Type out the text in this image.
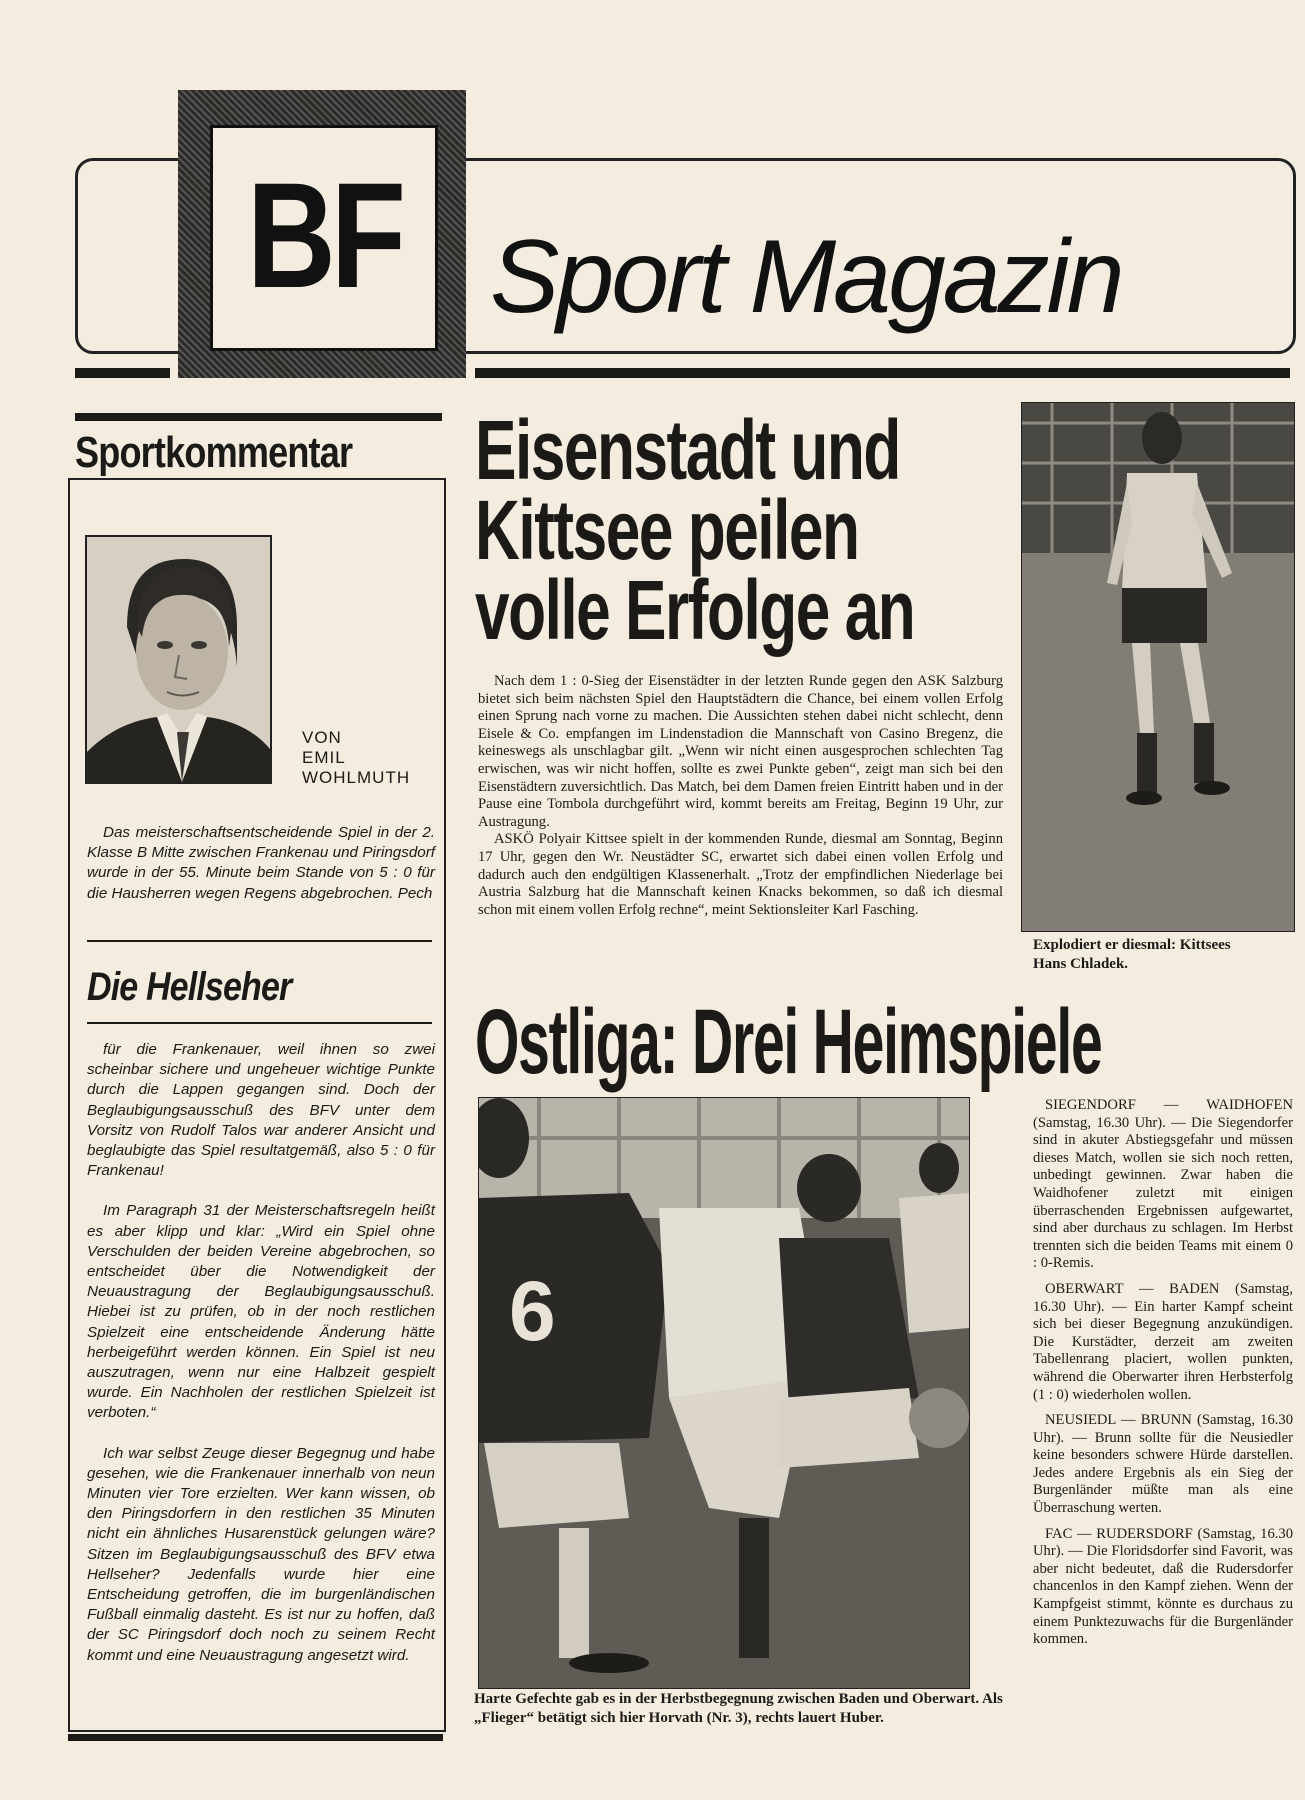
BF Sport Magazin
Sportkommentar
VON
EMIL
WOHLMUTH

Das meisterschaftsentscheidende Spiel in der 2. Klasse B Mitte zwischen Frankenau und Piringsdorf wurde in der 55. Minute beim Stande von 5 : 0 für die Hausherren wegen Regens abgebrochen. Pech

Die Hellseher

für die Frankenauer, weil ihnen so zwei scheinbar sichere und ungeheuer wichtige Punkte durch die Lappen gegangen sind. Doch der Beglaubigungsausschuß des BFV unter dem Vorsitz von Rudolf Talos war anderer Ansicht und beglaubigte das Spiel resultatgemäß, also 5 : 0 für Frankenau!

Im Paragraph 31 der Meisterschaftsregeln heißt es aber klipp und klar: „Wird ein Spiel ohne Verschulden der beiden Vereine abgebrochen, so entscheidet über die Notwendigkeit der Neuaustragung der Beglaubigungsausschuß. Hiebei ist zu prüfen, ob in der noch restlichen Spielzeit eine entscheidende Änderung hätte herbeigeführt werden können. Ein Spiel ist neu auszutragen, wenn nur eine Halbzeit gespielt wurde. Ein Nachholen der restlichen Spielzeit ist verboten.“

Ich war selbst Zeuge dieser Begegnug und habe gesehen, wie die Frankenauer innerhalb von neun Minuten vier Tore erzielten. Wer kann wissen, ob den Piringsdorfern in den restlichen 35 Minuten nicht ein ähnliches Husarenstück gelungen wäre? Sitzen im Beglaubigungsausschuß des BFV etwa Hellseher? Jedenfalls wurde hier eine Entscheidung getroffen, die im burgenländischen Fußball einmalig dasteht. Es ist nur zu hoffen, daß der SC Piringsdorf doch noch zu seinem Recht kommt und eine Neuaustragung angesetzt wird.

Eisenstadt und
Kittsee peilen
volle Erfolge an

Nach dem 1 : 0-Sieg der Eisenstädter in der letzten Runde gegen den ASK Salzburg bietet sich beim nächsten Spiel den Hauptstädtern die Chance, bei einem vollen Erfolg einen Sprung nach vorne zu machen. Die Aussichten stehen dabei nicht schlecht, denn Eisele & Co. empfangen im Lindenstadion die Mannschaft von Casino Bregenz, die keineswegs als unschlagbar gilt. „Wenn wir nicht einen ausgesprochen schlechten Tag erwischen, was wir nicht hoffen, sollte es zwei Punkte geben“, zeigt man sich bei den Eisenstädtern zuversichtlich. Das Match, bei dem Damen freien Eintritt haben und in der Pause eine Tombola durchgeführt wird, kommt bereits am Freitag, Beginn 19 Uhr, zur Austragung.

ASKÖ Polyair Kittsee spielt in der kommenden Runde, diesmal am Sonntag, Beginn 17 Uhr, gegen den Wr. Neustädter SC, erwartet sich dabei einen vollen Erfolg und dadurch auch den endgültigen Klassenerhalt. „Trotz der empfindlichen Niederlage bei Austria Salzburg hat die Mannschaft keinen Knacks bekommen, so daß ich diesmal schon mit einem vollen Erfolg rechne“, meint Sektionsleiter Karl Fasching.

Explodiert er diesmal: Kittsees
Hans Chladek.
Ostliga: Drei Heimspiele
6
Harte Gefechte gab es in der Herbstbegegnung zwischen Baden und Oberwart. Als „Flieger“ betätigt sich hier Horvath (Nr. 3), rechts lauert Huber.

SIEGENDORF — WAIDHOFEN (Samstag, 16.30 Uhr). — Die Siegendorfer sind in akuter Abstiegsgefahr und müssen dieses Match, wollen sie sich noch retten, unbedingt gewinnen. Zwar haben die Waidhofener zuletzt mit einigen überraschenden Ergebnissen aufgewartet, sind aber durchaus zu schlagen. Im Herbst trennten sich die beiden Teams mit einem 0 : 0-Remis.

OBERWART — BADEN (Samstag, 16.30 Uhr). — Ein harter Kampf scheint sich bei dieser Begegnung anzukündigen. Die Kurstädter, derzeit am zweiten Tabellenrang placiert, wollen punkten, während die Oberwarter ihren Herbsterfolg (1 : 0) wiederholen wollen.

NEUSIEDL — BRUNN (Samstag, 16.30 Uhr). — Brunn sollte für die Neusiedler keine besonders schwere Hürde darstellen. Jedes andere Ergebnis als ein Sieg der Burgenländer müßte man als eine Überraschung werten.

FAC — RUDERSDORF (Samstag, 16.30 Uhr). — Die Floridsdorfer sind Favorit, was aber nicht bedeutet, daß die Rudersdorfer chancenlos in den Kampf ziehen. Wenn der Kampfgeist stimmt, könnte es durchaus zu einem Punktezuwachs für die Burgenländer kommen.
